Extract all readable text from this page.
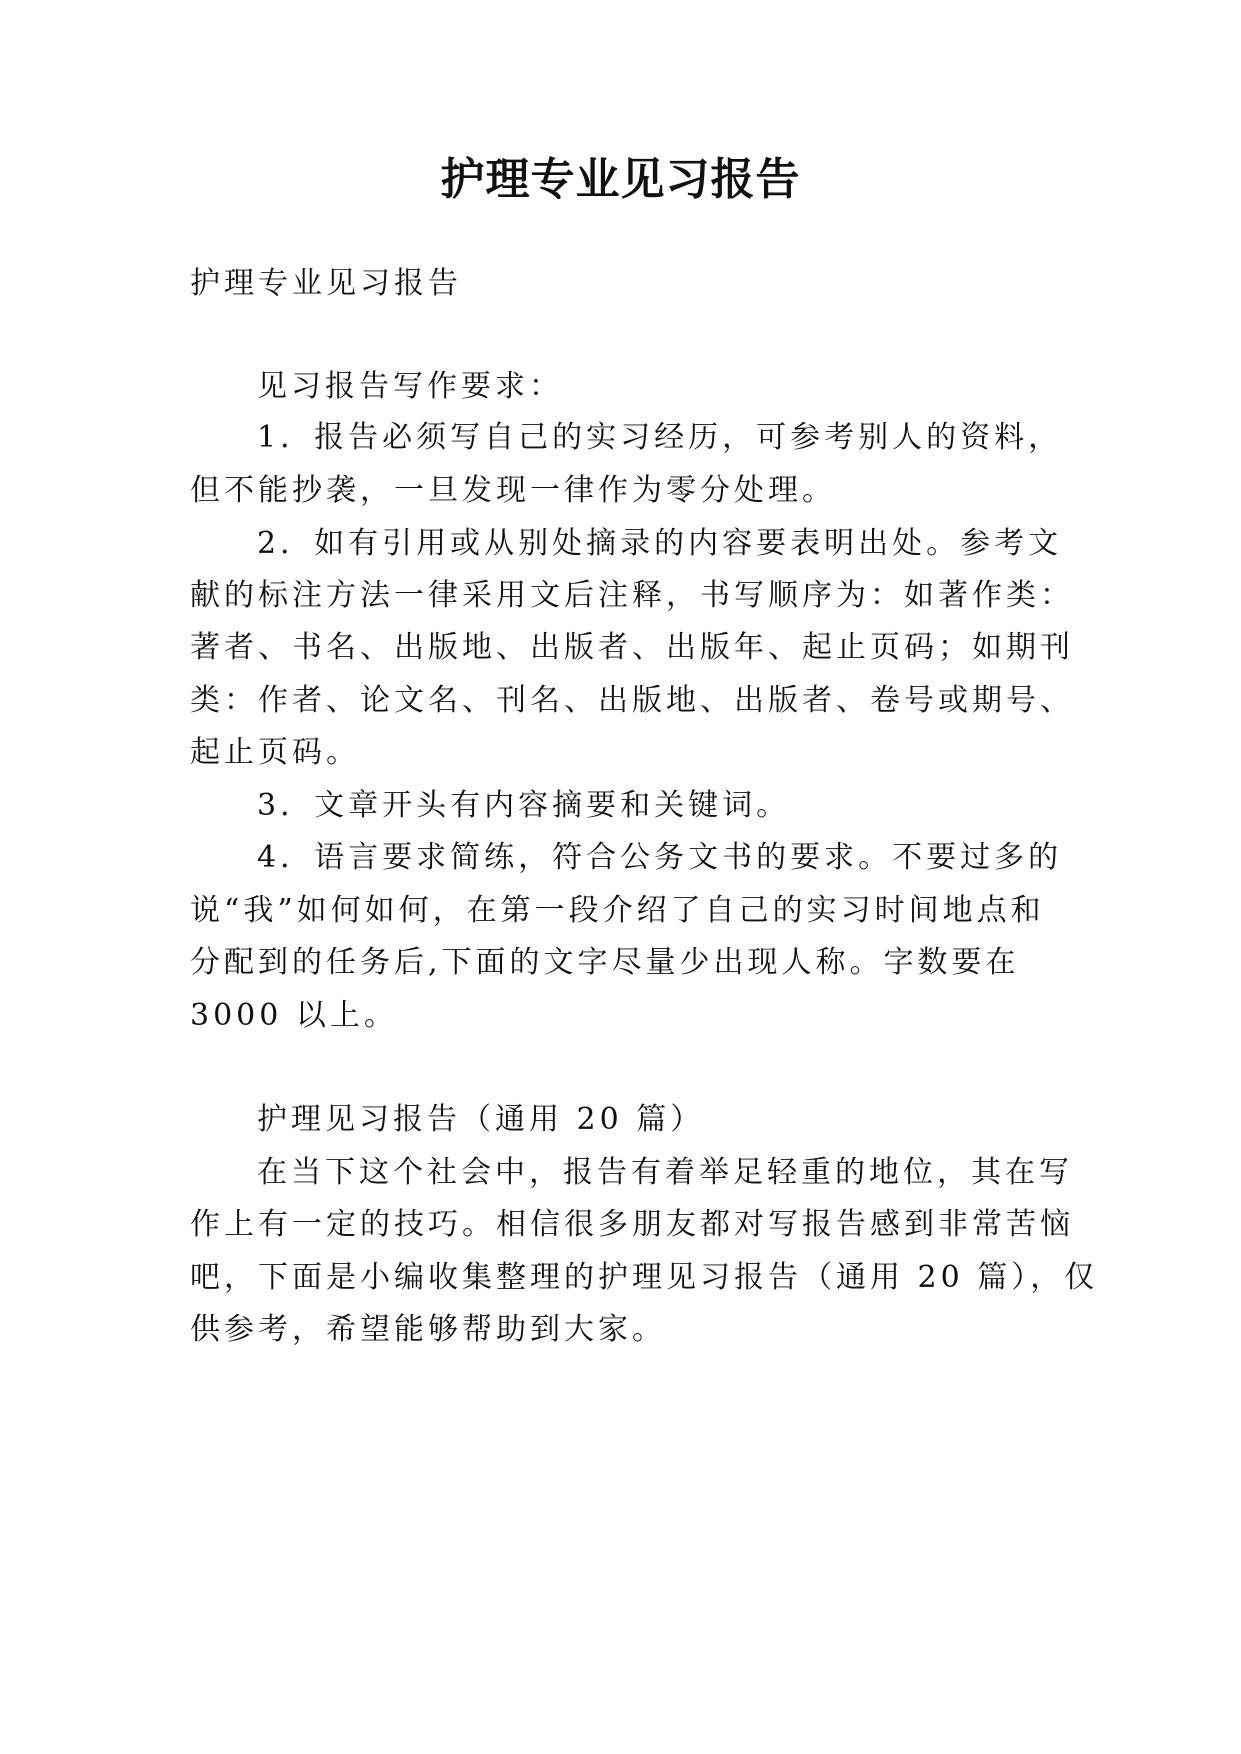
护理专业见习报告

护理专业见习报告

见习报告写作要求：

1．报告必须写自己的实习经历，可参考别人的资料，

但不能抄袭，一旦发现一律作为零分处理。

2．如有引用或从别处摘录的内容要表明出处。参考文

献的标注方法一律采用文后注释，书写顺序为：如著作类：

著者、书名、出版地、出版者、出版年、起止页码；如期刊

类：作者、论文名、刊名、出版地、出版者、卷号或期号、

起止页码。

3．文章开头有内容摘要和关键词。

4．语言要求简练，符合公务文书的要求。不要过多的

说“我”如何如何，在第一段介绍了自己的实习时间地点和

分配到的任务后,下面的文字尽量少出现人称。字数要在

3000 以上。

护理见习报告（通用 20 篇）

在当下这个社会中，报告有着举足轻重的地位，其在写

作上有一定的技巧。相信很多朋友都对写报告感到非常苦恼

吧，下面是小编收集整理的护理见习报告（通用 20 篇），仅

供参考，希望能够帮助到大家。
